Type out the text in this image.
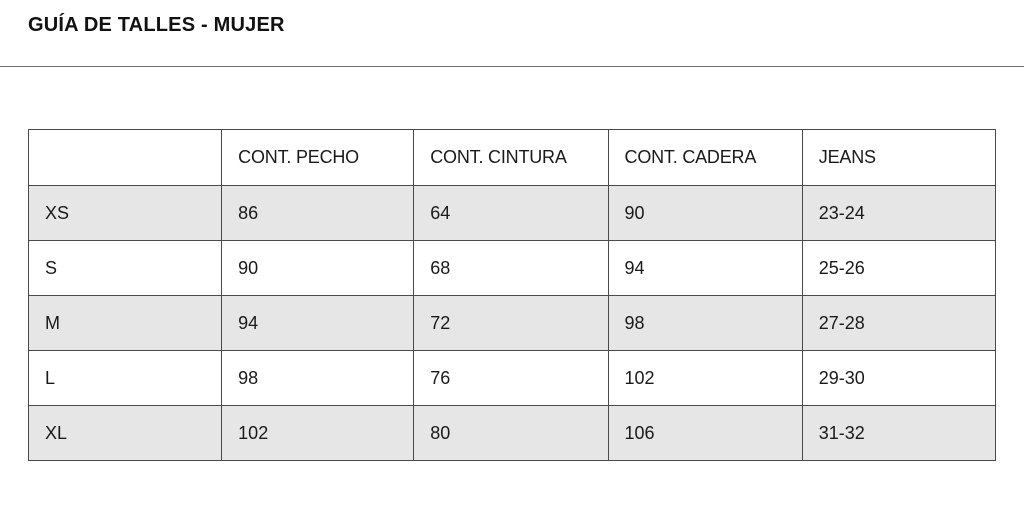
GUÍA DE TALLES - MUJER
	CONT. PECHO	CONT. CINTURA	CONT. CADERA	JEANS
XS	86	64	90	23-24
S	90	68	94	25-26
M	94	72	98	27-28
L	98	76	102	29-30
XL	102	80	106	31-32
